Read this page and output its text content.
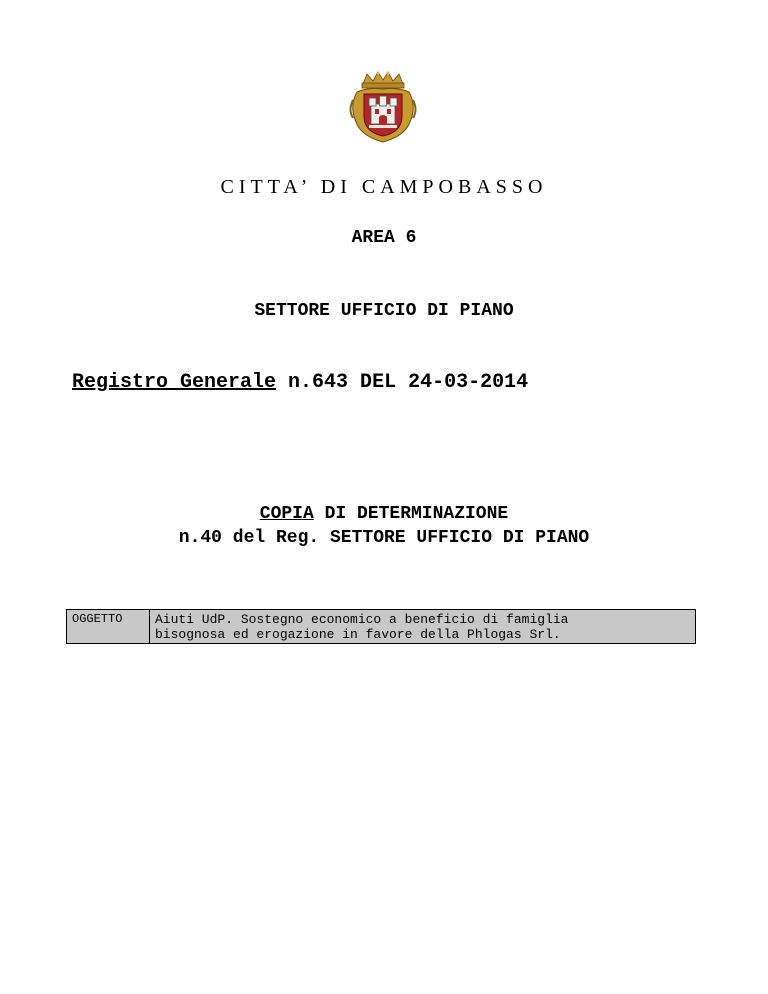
CITTA’ DI CAMPOBASSO
AREA 6
SETTORE UFFICIO DI PIANO
Registro Generale n.643 DEL 24-03-2014
COPIA DI DETERMINAZIONE
n.40 del Reg. SETTORE UFFICIO DI PIANO
OGGETTO	Aiuti UdP. Sostegno economico a beneficio di famiglia
bisognosa ed erogazione in favore della Phlogas Srl.
